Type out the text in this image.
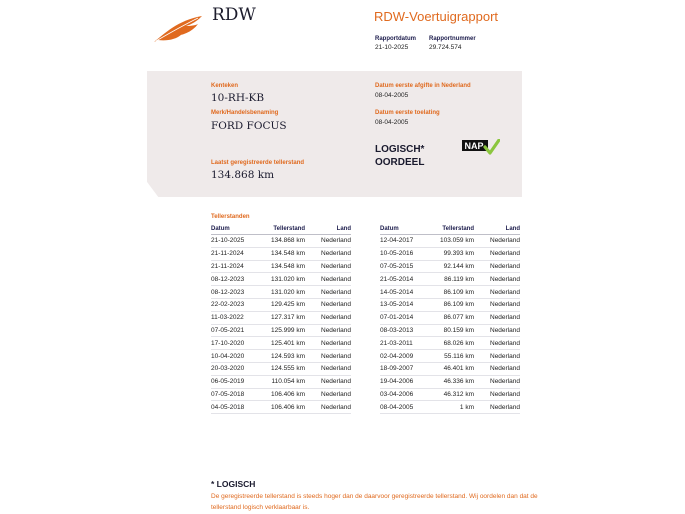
RDW	RDW-Voertuigrapport
Rapportdatum
21-10-2025
Rapportnummer
29.724.574
Kenteken
10-RH-KB
Merk/Handelsbenaming
FORD FOCUS
Laatst geregistreerde tellerstand
134.868 km
Datum eerste afgifte in Nederland
08-04-2005
Datum eerste toelating
08-04-2005
LOGISCH*
OORDEEL
NAP
Tellerstanden
Datum	Tellerstand	Land
21-10-2025	134.868 km	Nederland
21-11-2024	134.548 km	Nederland
21-11-2024	134.548 km	Nederland
08-12-2023	131.020 km	Nederland
08-12-2023	131.020 km	Nederland
22-02-2023	129.425 km	Nederland
11-03-2022	127.317 km	Nederland
07-05-2021	125.999 km	Nederland
17-10-2020	125.401 km	Nederland
10-04-2020	124.593 km	Nederland
20-03-2020	124.555 km	Nederland
06-05-2019	110.054 km	Nederland
07-05-2018	106.406 km	Nederland
04-05-2018	106.406 km	Nederland
Datum	Tellerstand	Land
12-04-2017	103.059 km	Nederland
10-05-2016	99.393 km	Nederland
07-05-2015	92.144 km	Nederland
21-05-2014	86.119 km	Nederland
14-05-2014	86.109 km	Nederland
13-05-2014	86.109 km	Nederland
07-01-2014	86.077 km	Nederland
08-03-2013	80.159 km	Nederland
21-03-2011	68.026 km	Nederland
02-04-2009	55.116 km	Nederland
18-09-2007	46.401 km	Nederland
19-04-2006	46.336 km	Nederland
03-04-2006	46.312 km	Nederland
08-04-2005	1 km	Nederland
* LOGISCH
De geregistreerde tellerstand is steeds hoger dan de daarvoor geregistreerde tellerstand. Wij oordelen dan dat de tellerstand logisch verklaarbaar is.
